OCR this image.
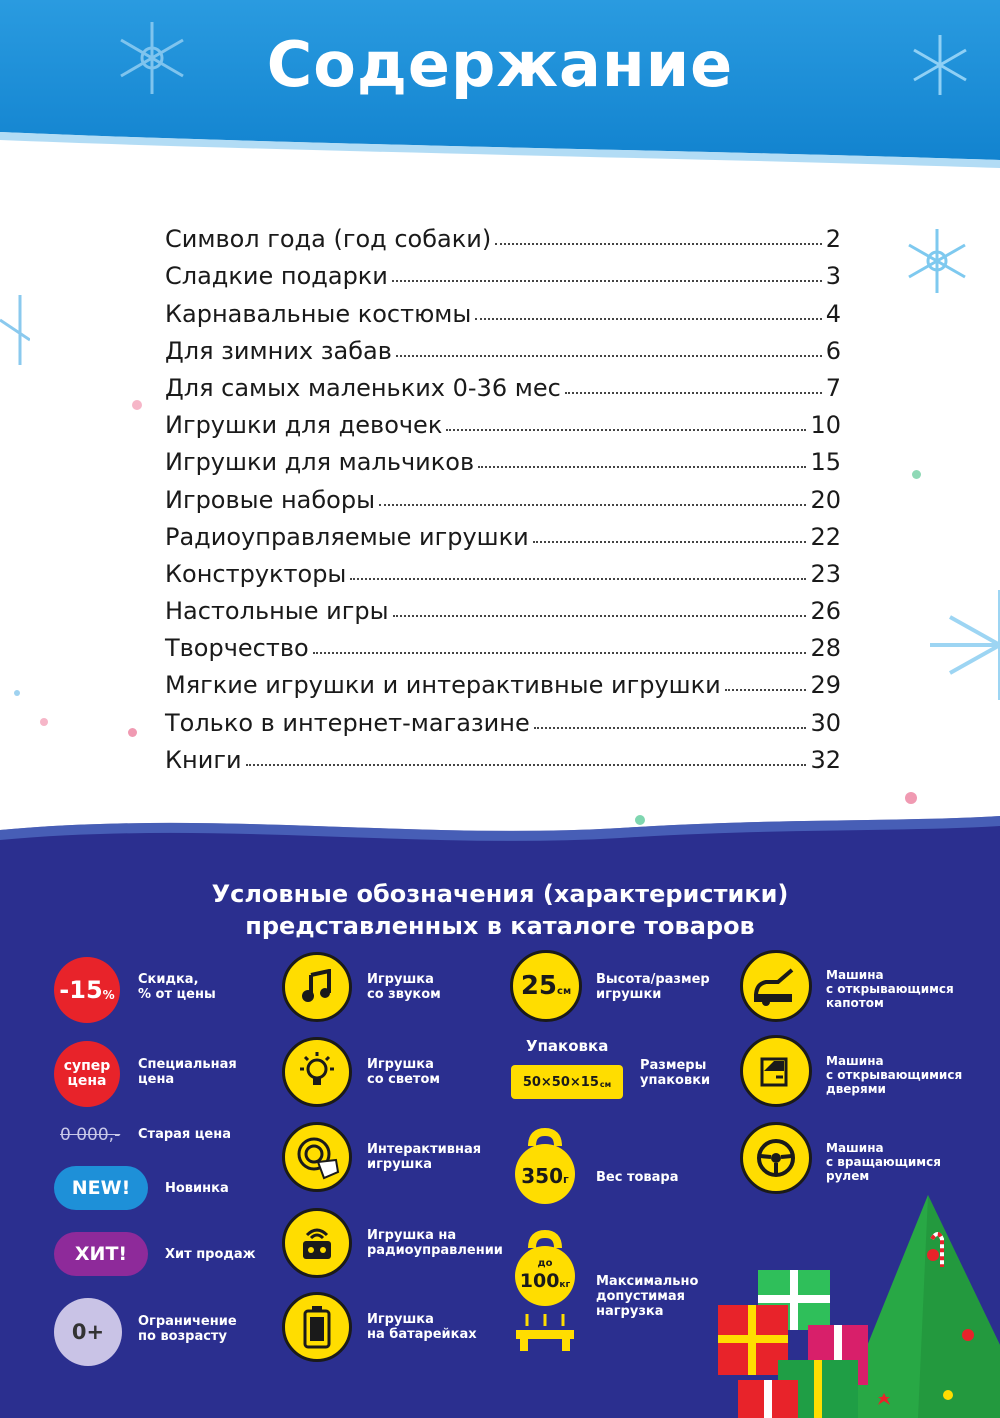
Содержание
Символ года (год собаки)	2
Сладкие подарки	3
Карнавальные костюмы	4
Для зимних забав	6
Для самых маленьких 0-36 мес	7
Игрушки для девочек	10
Игрушки для мальчиков	15
Игровые наборы	20
Радиоуправляемые игрушки	22
Конструкторы	23
Настольные игры	26
Творчество	28
Мягкие игрушки и интерактивные игрушки	29
Только в интернет-магазине	30
Книги	32
Условные обозначения (характеристики)
представленных в каталоге товаров
-15 %
Скидка,
% от цены
супер
цена
Специальная
цена
0 000,- Старая цена
NEW!	Новинка
ХИТ!	Хит продаж
0+	Ограничение
по возрасту
Игрушка
со звуком
Игрушка
со светом
Интерактивная
игрушка
Игрушка на
радиоуправлении
Игрушка
на батарейках
25 см
Высота/размер
игрушки
Упаковка
50×50×15 см
Размеры
упаковки
350г	Вес товара
до
100кг	Максимально
допустимая
нагрузка
Машина
с открывающимся
капотом
Машина
с открывающимися
дверями
Машина
с вращающимся
рулем
